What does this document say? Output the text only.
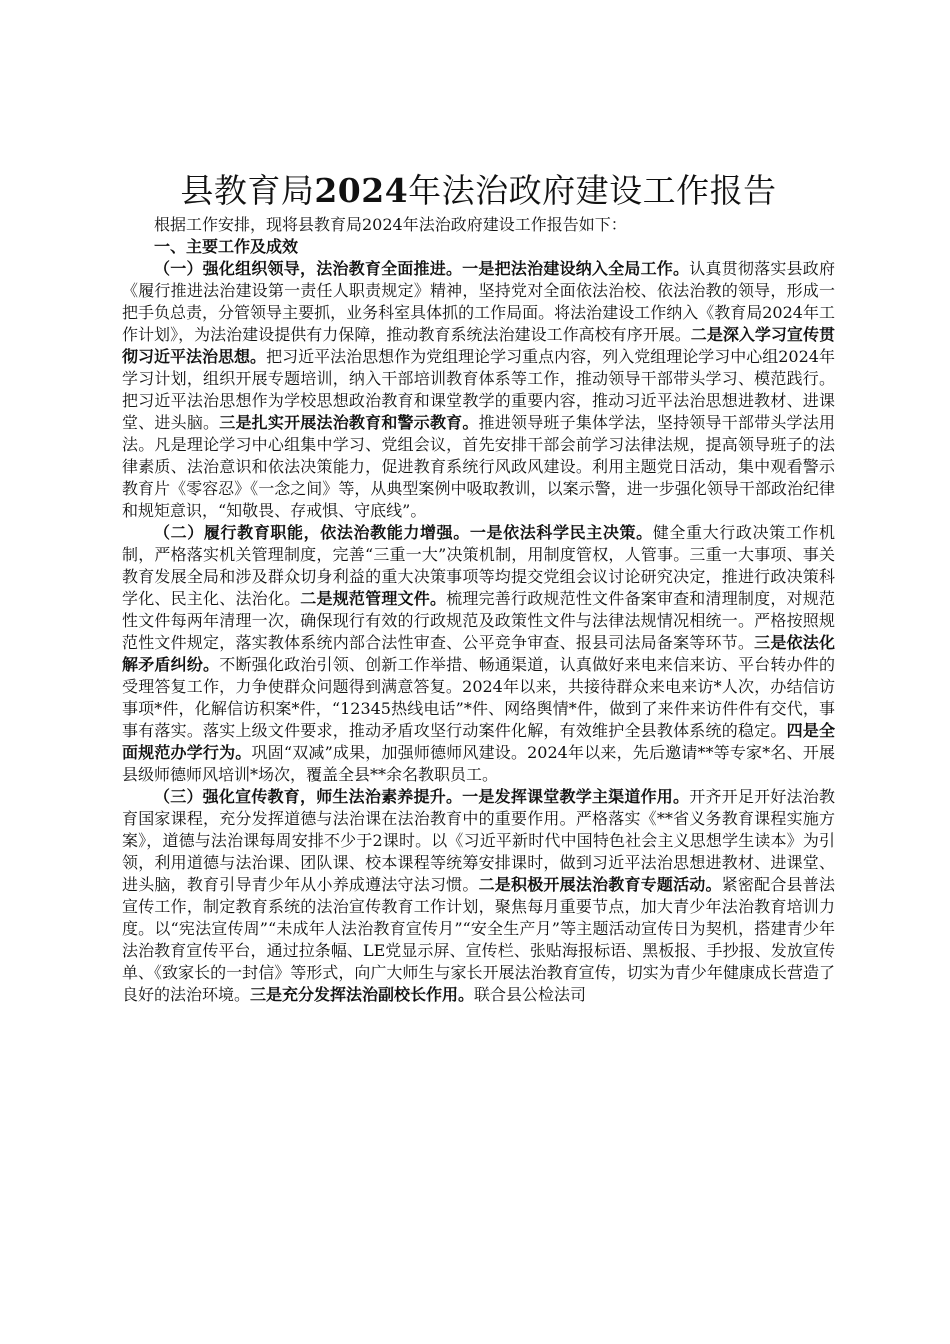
县教育局2024年法治政府建设工作报告

根据工作安排，现将县教育局2024年法治政府建设工作报告如下：

一、主要工作及成效

（一）强化组织领导，法治教育全面推进。一是把法治建设纳入全局工作。认真贯彻落实县政府《履行推进法治建设第一责任人职责规定》精神，坚持党对全面依法治校、依法治教的领导，形成一把手负总责，分管领导主要抓，业务科室具体抓的工作局面。将法治建设工作纳入《教育局2024年工作计划》，为法治建设提供有力保障，推动教育系统法治建设工作高校有序开展。二是深入学习宣传贯彻习近平法治思想。把习近平法治思想作为党组理论学习重点内容，列入党组理论学习中心组2024年学习计划，组织开展专题培训，纳入干部培训教育体系等工作，推动领导干部带头学习、模范践行。把习近平法治思想作为学校思想政治教育和课堂教学的重要内容，推动习近平法治思想进教材、进课堂、进头脑。三是扎实开展法治教育和警示教育。推进领导班子集体学法，坚持领导干部带头学法用法。凡是理论学习中心组集中学习、党组会议，首先安排干部会前学习法律法规，提高领导班子的法律素质、法治意识和依法决策能力，促进教育系统行风政风建设。利用主题党日活动，集中观看警示教育片《零容忍》《一念之间》等，从典型案例中吸取教训，以案示警，进一步强化领导干部政治纪律和规矩意识，“知敬畏、存戒惧、守底线”。

（二）履行教育职能，依法治教能力增强。一是依法科学民主决策。健全重大行政决策工作机制，严格落实机关管理制度，完善“三重一大”决策机制，用制度管权，人管事。三重一大事项、事关教育发展全局和涉及群众切身利益的重大决策事项等均提交党组会议讨论研究决定，推进行政决策科学化、民主化、法治化。二是规范管理文件。梳理完善行政规范性文件备案审查和清理制度，对规范性文件每两年清理一次，确保现行有效的行政规范及政策性文件与法律法规情况相统一。严格按照规范性文件规定，落实教体系统内部合法性审查、公平竞争审查、报县司法局备案等环节。三是依法化解矛盾纠纷。不断强化政治引领、创新工作举措、畅通渠道，认真做好来电来信来访、平台转办件的受理答复工作，力争使群众问题得到满意答复。2024年以来，共接待群众来电来访*人次，办结信访事项*件，化解信访积案*件，“12345热线电话”*件、网络舆情*件，做到了来件来访件件有交代，事事有落实。落实上级文件要求，推动矛盾攻坚行动案件化解，有效维护全县教体系统的稳定。四是全面规范办学行为。巩固“双减”成果，加强师德师风建设。2024年以来，先后邀请**等专家*名、开展县级师德师风培训*场次，覆盖全县**余名教职员工。

（三）强化宣传教育，师生法治素养提升。一是发挥课堂教学主渠道作用。开齐开足开好法治教育国家课程，充分发挥道德与法治课在法治教育中的重要作用。严格落实《**省义务教育课程实施方案》，道德与法治课每周安排不少于2课时。以《习近平新时代中国特色社会主义思想学生读本》为引领，利用道德与法治课、团队课、校本课程等统筹安排课时，做到习近平法治思想进教材、进课堂、进头脑，教育引导青少年从小养成遵法守法习惯。二是积极开展法治教育专题活动。紧密配合县普法宣传工作，制定教育系统的法治宣传教育工作计划，聚焦每月重要节点，加大青少年法治教育培训力度。以“宪法宣传周”“未成年人法治教育宣传月”“安全生产月”等主题活动宣传日为契机，搭建青少年法治教育宣传平台，通过拉条幅、LE党显示屏、宣传栏、张贴海报标语、黑板报、手抄报、发放宣传单、《致家长的一封信》等形式，向广大师生与家长开展法治教育宣传，切实为青少年健康成长营造了良好的法治环境。三是充分发挥法治副校长作用。联合县公检法司
